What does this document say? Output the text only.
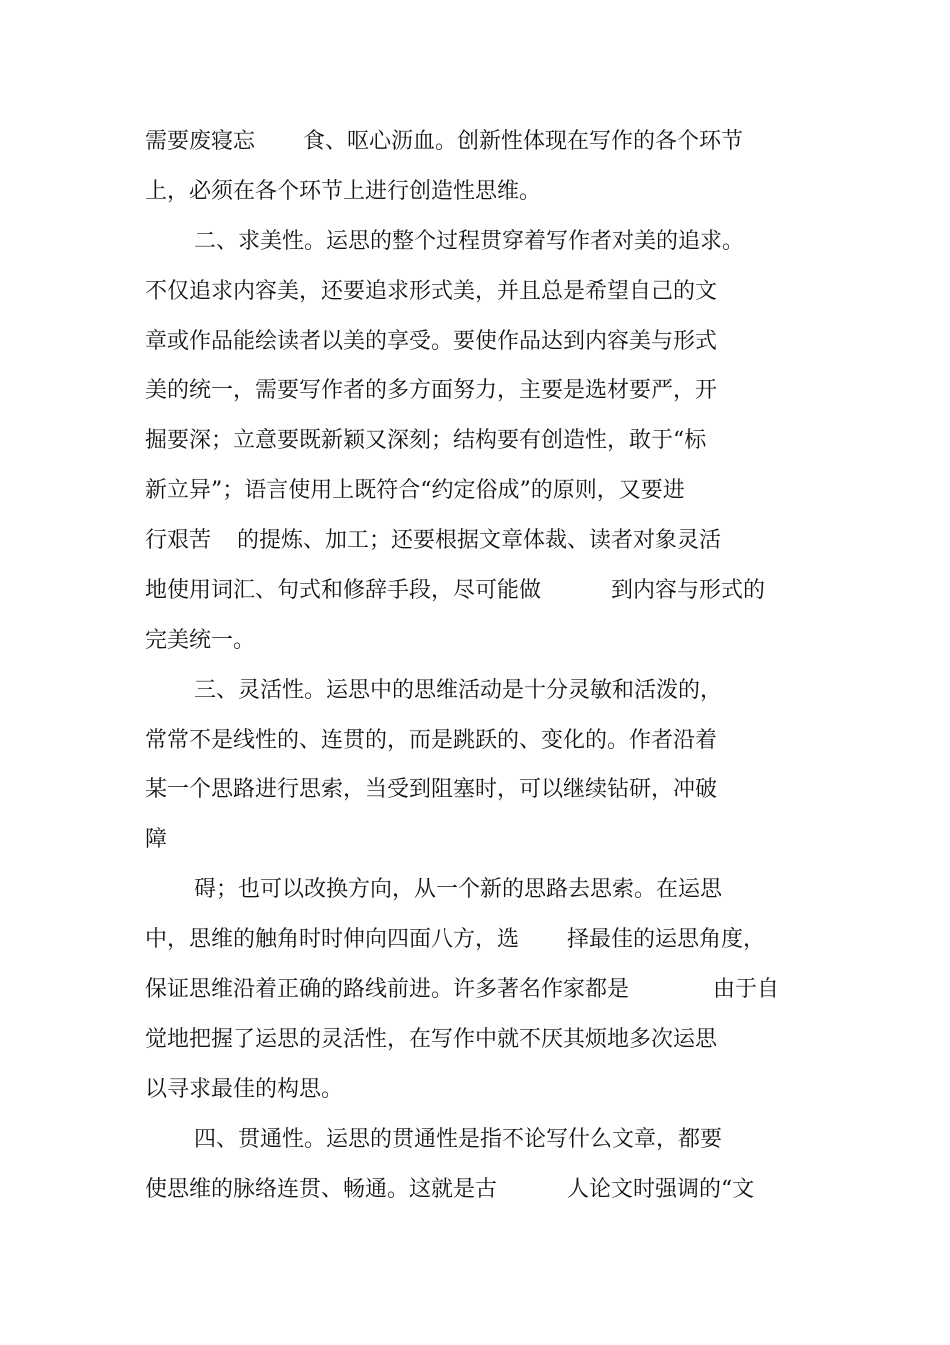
需要废寝忘 食、呕心沥血。创新性体现在写作的各个环节
上，必须在各个环节上进行创造性思维。
二、求美性。运思的整个过程贯穿着写作者对美的追求。
不仅追求内容美，还要追求形式美，并且总是希望自己的文
章或作品能绘读者以美的享受。要使作品达到内容美与形式
美的统一，需要写作者的多方面努力，主要是选材要严，开
掘要深；立意要既新颖又深刻；结构要有创造性，敢于“标
新立异”；语言使用上既符合“约定俗成”的原则，又要进
行艰苦 的提炼、加工；还要根据文章体裁、读者对象灵活
地使用词汇、句式和修辞手段，尽可能做	到内容与形式的
完美统一。
三、灵活性。运思中的思维活动是十分灵敏和活泼的，
常常不是线性的、连贯的，而是跳跃的、变化的。作者沿着
某一个思路进行思索，当受到阻塞时，可以继续钻研，冲破
障
碍；也可以改换方向，从一个新的思路去思索。在运思
中，思维的触角时时伸向四面八方，选 择最佳的运思角度，
保证思维沿着正确的路线前进。许多著名作家都是	由于自
觉地把握了运思的灵活性，在写作中就不厌其烦地多次运思
以寻求最佳的构思。
四、贯通性。运思的贯通性是指不论写什么文章，都要
使思维的脉络连贯、畅通。这就是古	人论文时强调的“文
